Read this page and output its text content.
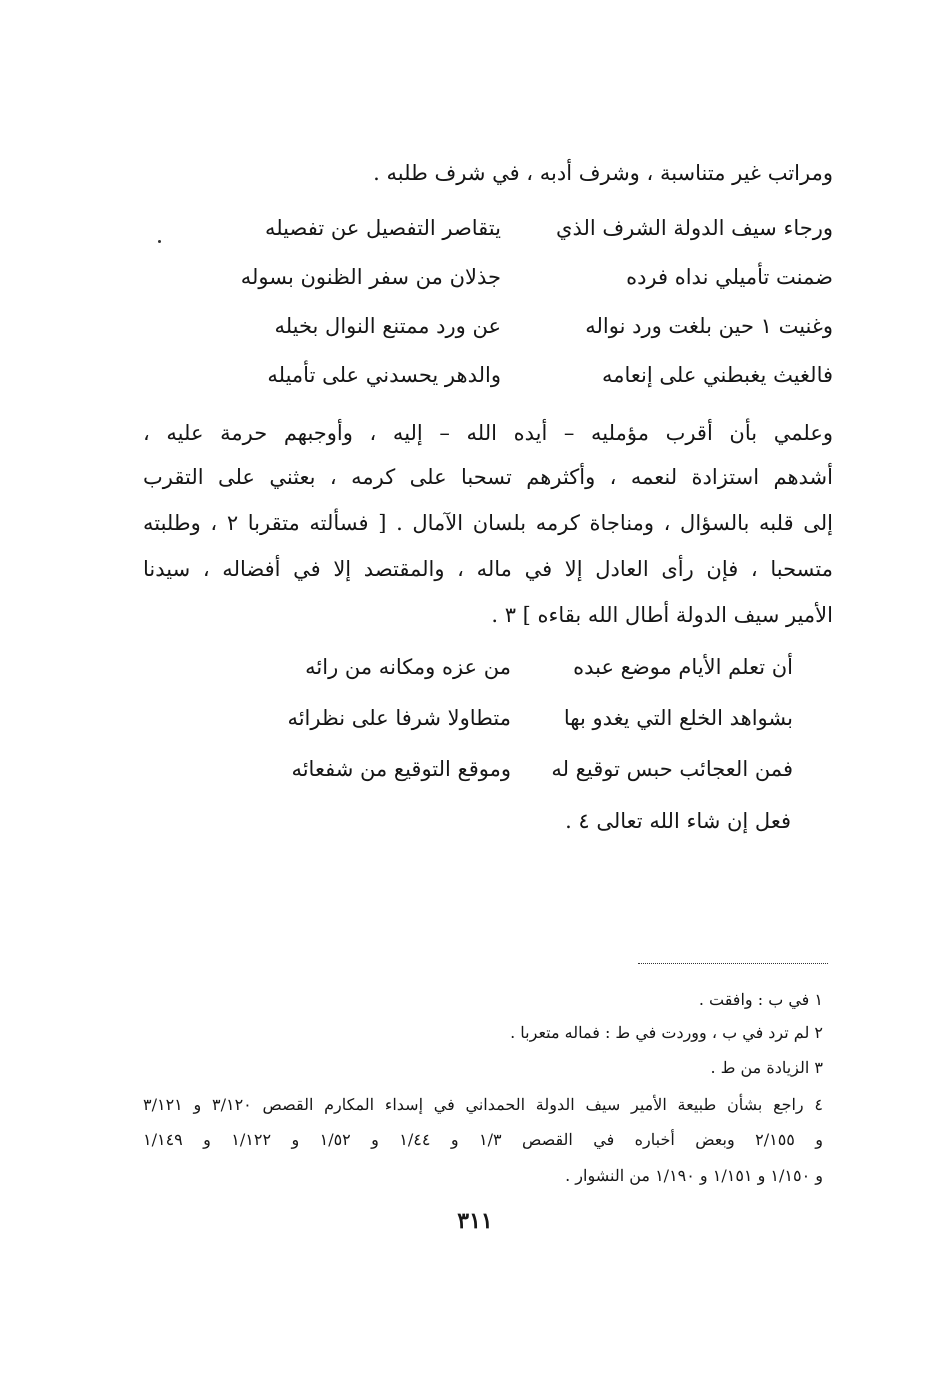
ومراتب غير متناسبة ، وشرف أدبه ، في شرف طلبه .
ورجاء سيف الدولة الشرف الذي
يتقاصر التفصيل عن تفصيله
ضمنت تأميلي نداه فرده
جذلان من سفر الظنون بسوله
وغنيت ١ حين بلغت ورد نواله
عن ورد ممتنع النوال بخيله
فالغيث يغبطني على إنعامه
والدهر يحسدني على تأميله
وعلمي بأن أقرب مؤمليه – أيده الله – إليه ، وأوجبهم حرمة عليه ،
أشدهم استزادة لنعمه ، وأكثرهم تسحبا على كرمه ، بعثني على التقرب
إلى قلبه بالسؤال ، ومناجاة كرمه بلسان الآمال . [ فسألته متقربا ٢ ، وطلبته
متسحبا ، فإن رأى العادل إلا في ماله ، والمقتصد إلا في أفضاله ، سيدنا
الأمير سيف الدولة أطال الله بقاءه ] ٣ .
أن تعلم الأيام موضع عبده
من عزه ومكانه من رائه
بشواهد الخلع التي يغدو بها
متطاولا شرفا على نظرائه
فمن العجائب حبس توقيع له
وموقع التوقيع من شفعائه
فعل إن شاء الله تعالى ٤ .
١ في ب : وافقت .
٢ لم ترد في ب ، ووردت في ط : فماله متعربا .
٣ الزيادة من ط .
٤ راجع بشأن طبيعة الأمير سيف الدولة الحمداني في إسداء المكارم القصص ٣/١٢٠ و ٣/١٢١
و ٢/١٥٥ وبعض أخباره في القصص ١/٣ و ١/٤٤ و ١/٥٢ و ١/١٢٢ و ١/١٤٩
و ١/١٥٠ و ١/١٥١ و ١/١٩٠ من النشوار .
٣١١
